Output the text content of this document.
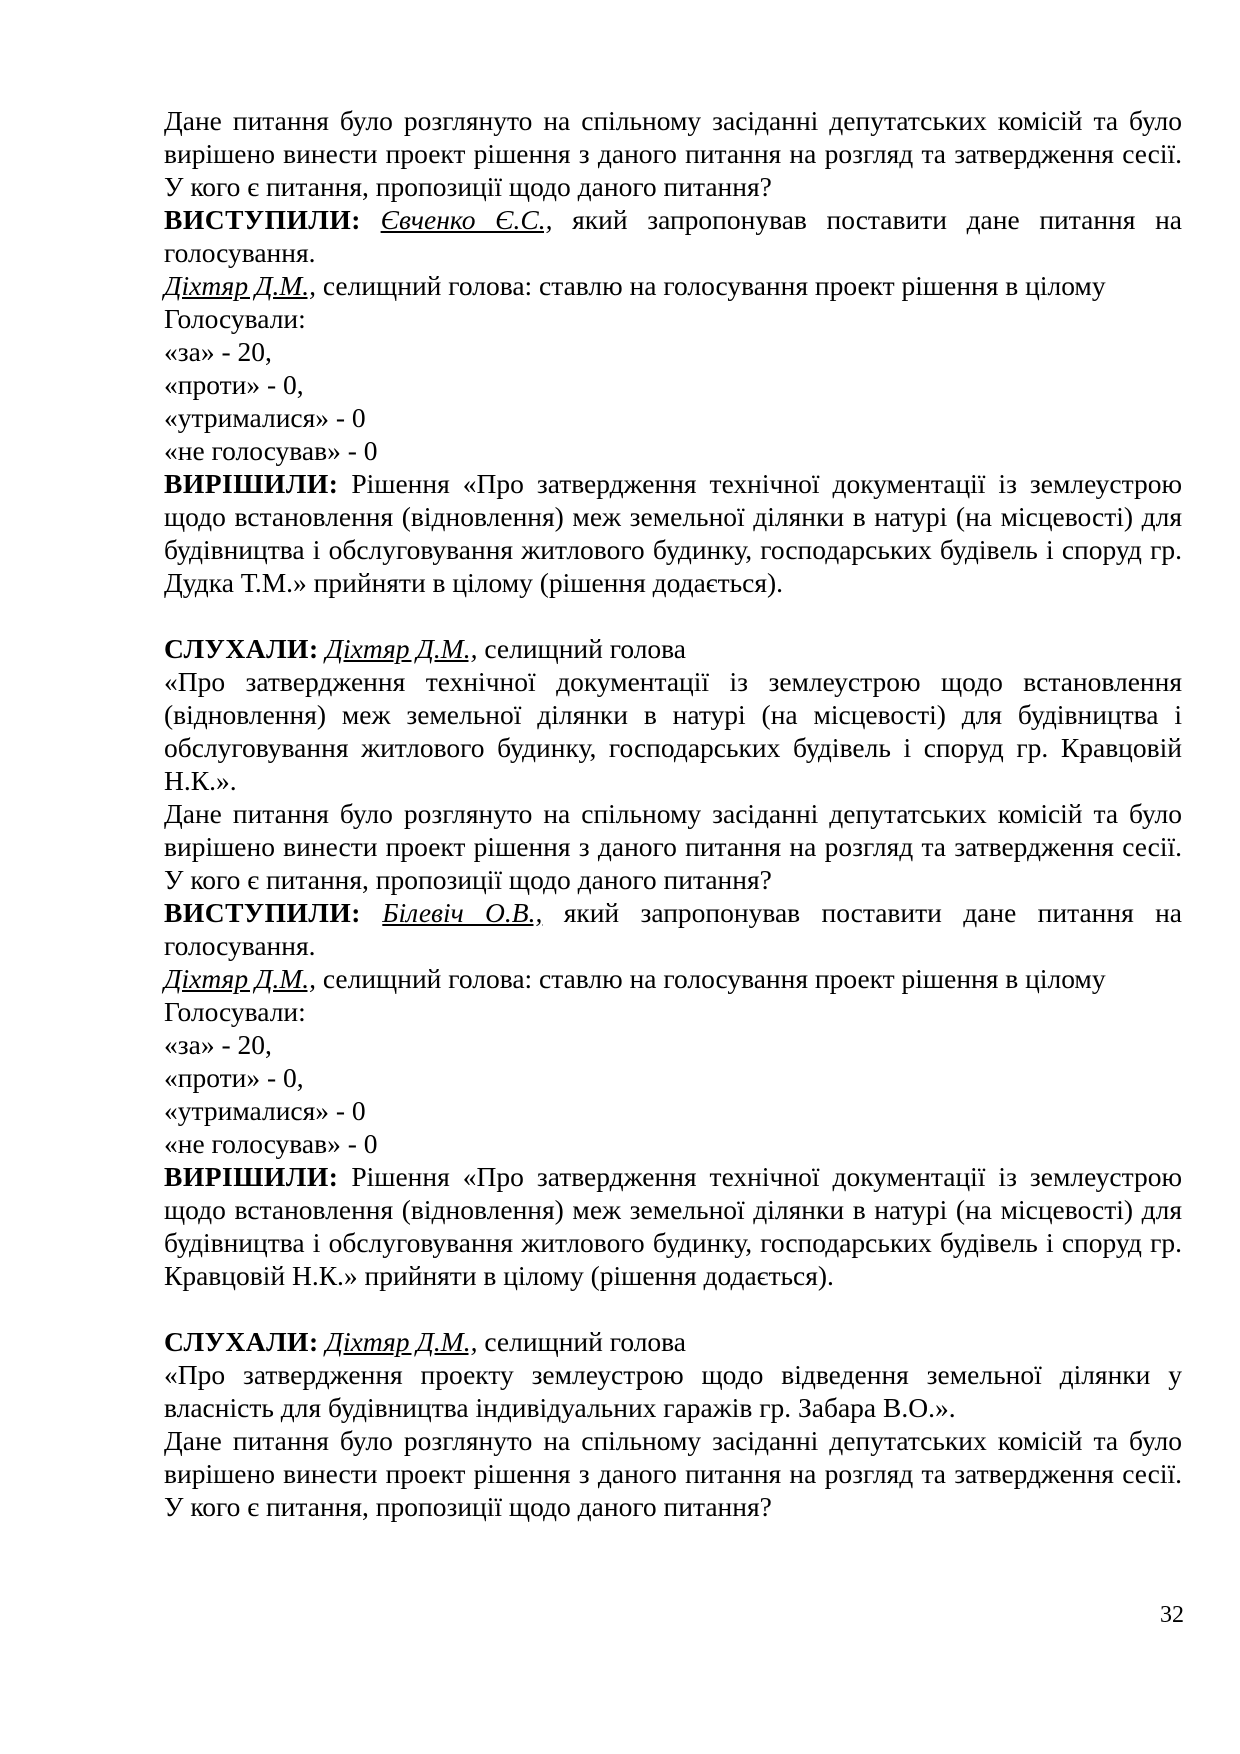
Дане питання було розглянуто на спільному засіданні депутатських комісій та було вирішено винести проект рішення з даного питання на розгляд та затвердження сесії. У кого є питання, пропозиції щодо даного питання?

ВИСТУПИЛИ: Євченко Є.С., який запропонував поставити дане питання на голосування.

Діхтяр Д.М., селищний голова: ставлю на голосування проект рішення в цілому

Голосували:

«за» - 20,

«проти» - 0,

«утрималися» - 0

«не голосував» - 0

ВИРІШИЛИ: Рішення «Про затвердження технічної документації із землеустрою щодо встановлення (відновлення) меж земельної ділянки в натурі (на місцевості) для будівництва і обслуговування житлового будинку, господарських будівель і споруд гр. Дудка Т.М.» прийняти в цілому (рішення додається).

СЛУХАЛИ: Діхтяр Д.М., селищний голова

«Про затвердження технічної документації із землеустрою щодо встановлення (відновлення) меж земельної ділянки в натурі (на місцевості) для будівництва і обслуговування житлового будинку, господарських будівель і споруд гр. Кравцовій Н.К.».

Дане питання було розглянуто на спільному засіданні депутатських комісій та було вирішено винести проект рішення з даного питання на розгляд та затвердження сесії. У кого є питання, пропозиції щодо даного питання?

ВИСТУПИЛИ: Білевіч О.В., який запропонував поставити дане питання на голосування.

Діхтяр Д.М., селищний голова: ставлю на голосування проект рішення в цілому

Голосували:

«за» - 20,

«проти» - 0,

«утрималися» - 0

«не голосував» - 0

ВИРІШИЛИ: Рішення «Про затвердження технічної документації із землеустрою щодо встановлення (відновлення) меж земельної ділянки в натурі (на місцевості) для будівництва і обслуговування житлового будинку, господарських будівель і споруд гр. Кравцовій Н.К.» прийняти в цілому (рішення додається).

СЛУХАЛИ: Діхтяр Д.М., селищний голова

«Про затвердження проекту землеустрою щодо відведення земельної ділянки у власність для будівництва індивідуальних гаражів гр. Забара В.О.».

Дане питання було розглянуто на спільному засіданні депутатських комісій та було вирішено винести проект рішення з даного питання на розгляд та затвердження сесії. У кого є питання, пропозиції щодо даного питання?

32
